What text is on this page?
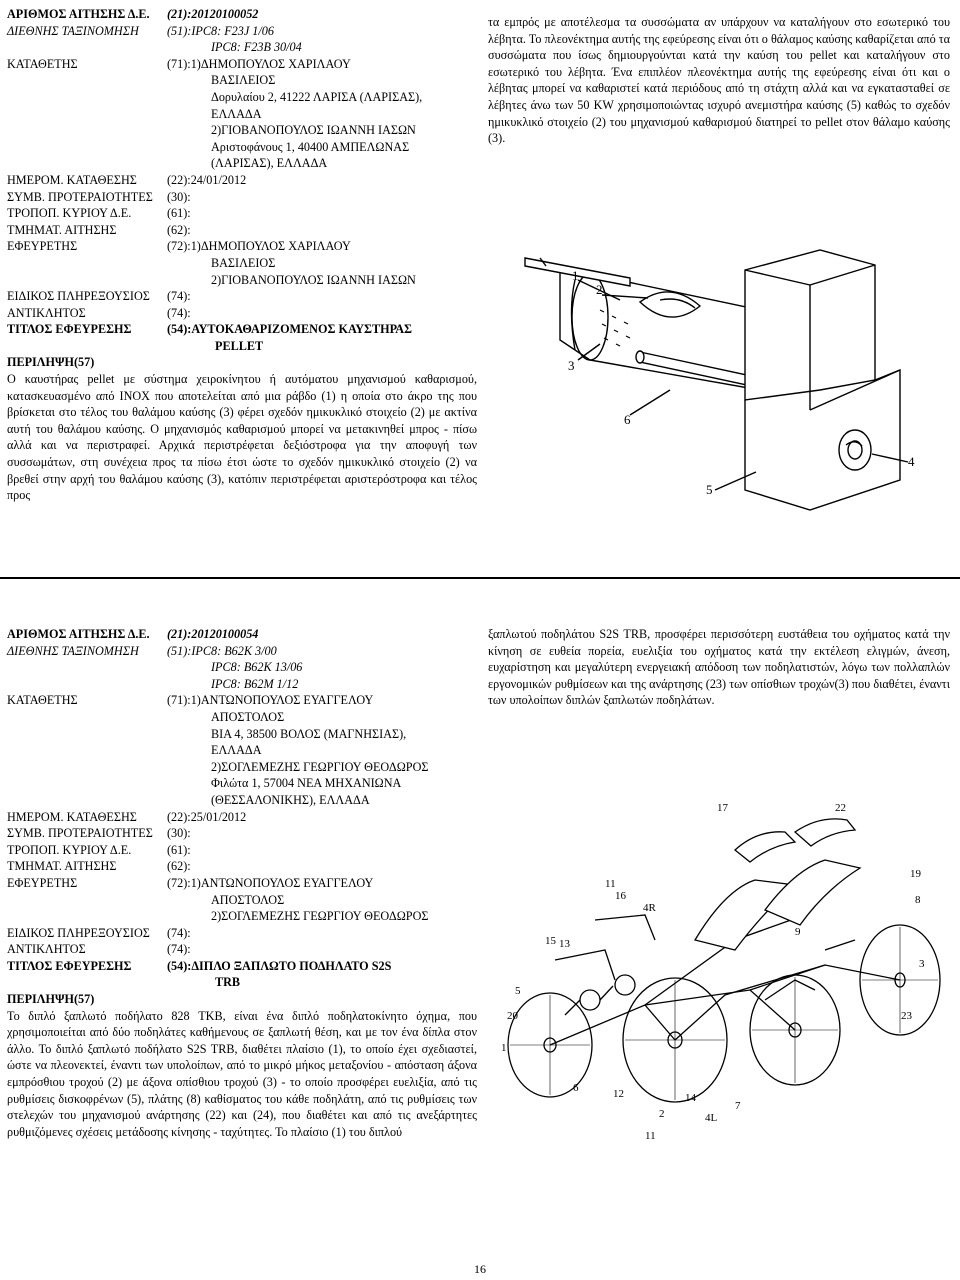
ΑΡΙΘΜΟΣ ΑΙΤΗΣΗΣ Δ.Ε.	(21):20120100052
ΔΙΕΘΝΗΣ ΤΑΞΙΝΟΜΗΣΗ	(51):IPC8: F23J 1/06
IPC8: F23B 30/04
ΚΑΤΑΘΕΤΗΣ	(71):1)ΔΗΜΟΠΟΥΛΟΣ ΧΑΡΙΛΑΟΥ
ΒΑΣΙΛΕΙΟΣ
Δορυλαίου 2, 41222 ΛΑΡΙΣΑ (ΛΑΡΙΣΑΣ),
ΕΛΛΑΔΑ
2)ΓΙΟΒΑΝΟΠΟΥΛΟΣ ΙΩΑΝΝΗ ΙΑΣΩΝ
Αριστοφάνους 1, 40400 ΑΜΠΕΛΩΝΑΣ
(ΛΑΡΙΣΑΣ), ΕΛΛΑΔΑ
ΗΜΕΡΟΜ. ΚΑΤΑΘΕΣΗΣ	(22):24/01/2012
ΣΥΜΒ. ΠΡΟΤΕΡΑΙΟΤΗΤΕΣ	(30):
ΤΡΟΠΟΠ. ΚΥΡΙΟΥ Δ.Ε.	(61):
ΤΜΗΜΑΤ. ΑΙΤΗΣΗΣ	(62):
ΕΦΕΥΡΕΤΗΣ	(72):1)ΔΗΜΟΠΟΥΛΟΣ ΧΑΡΙΛΑΟΥ
ΒΑΣΙΛΕΙΟΣ
2)ΓΙΟΒΑΝΟΠΟΥΛΟΣ ΙΩΑΝΝΗ ΙΑΣΩΝ
ΕΙΔΙΚΟΣ ΠΛΗΡΕΞΟΥΣΙΟΣ	(74):
ΑΝΤΙΚΛΗΤΟΣ	(74):
ΤΙΤΛΟΣ ΕΦΕΥΡΕΣΗΣ	(54):ΑΥΤΟΚΑΘΑΡΙΖΟΜΕΝΟΣ ΚΑΥΣΤΗΡΑΣ
PELLET
ΠΕΡΙΛΗΨΗ(57)

Ο καυστήρας pellet με σύστημα χειροκίνητου ή αυτόματου μηχανισμού καθαρισμού, κατασκευασμένο από INOX που αποτελείται από μια ράβδο (1) η οποία στο άκρο της που βρίσκεται στο τέλος του θαλάμου καύσης (3) φέρει σχεδόν ημικυκλικό στοιχείο (2) με ακτίνα αυτή του θαλάμου καύσης. Ο μηχανισμός καθαρισμού μπορεί να μετακινηθεί μπρος - πίσω αλλά και να περιστραφεί. Αρχικά περιστρέφεται δεξιόστροφα για την αποφυγή των συσσωμάτων, στη συνέχεια προς τα πίσω έτσι ώστε το σχεδόν ημικυκλικό στοιχείο (2) να βρεθεί στην αρχή του θαλάμου καύσης (3), κατόπιν περιστρέφεται αριστερόστροφα και τέλος προς

τα εμπρός με αποτέλεσμα τα συσσώματα αν υπάρχουν να καταλήγουν στο εσωτερικό του λέβητα. Το πλεονέκτημα αυτής της εφεύρεσης είναι ότι ο θάλαμος καύσης καθαρίζεται από τα συσσώματα που ίσως δημιουργούνται κατά την καύση του pellet και καταλήγουν στο εσωτερικό του λέβητα. Ένα επιπλέον πλεονέκτημα αυτής της εφεύρεσης είναι ότι και ο λέβητας μπορεί να καθαριστεί κατά περιόδους από τη στάχτη αλλά και να εγκατασταθεί σε λέβητες άνω των 50 KW χρησιμοποιώντας ισχυρό ανεμιστήρα καύσης (5) καθώς το σχεδόν ημικυκλικό στοιχείο (2) του μηχανισμού καθαρισμού διατηρεί το pellet στον θάλαμο καύσης (3).

1
2
3
4
5
6
ΑΡΙΘΜΟΣ ΑΙΤΗΣΗΣ Δ.Ε.	(21):20120100054
ΔΙΕΘΝΗΣ ΤΑΞΙΝΟΜΗΣΗ	(51):IPC8: B62K 3/00
IPC8: B62K 13/06
IPC8: B62M 1/12
ΚΑΤΑΘΕΤΗΣ	(71):1)ΑΝΤΩΝΟΠΟΥΛΟΣ ΕΥΑΓΓΕΛΟΥ
ΑΠΟΣΤΟΛΟΣ
ΒΙΑ 4, 38500 ΒΟΛΟΣ (ΜΑΓΝΗΣΙΑΣ),
ΕΛΛΑΔΑ
2)ΣΟΓΛΕΜΕΖΗΣ ΓΕΩΡΓΙΟΥ ΘΕΟΔΩΡΟΣ
Φιλώτα 1, 57004 ΝΕΑ ΜΗΧΑΝΙΩΝΑ
(ΘΕΣΣΑΛΟΝΙΚΗΣ), ΕΛΛΑΔΑ
ΗΜΕΡΟΜ. ΚΑΤΑΘΕΣΗΣ	(22):25/01/2012
ΣΥΜΒ. ΠΡΟΤΕΡΑΙΟΤΗΤΕΣ	(30):
ΤΡΟΠΟΠ. ΚΥΡΙΟΥ Δ.Ε.	(61):
ΤΜΗΜΑΤ. ΑΙΤΗΣΗΣ	(62):
ΕΦΕΥΡΕΤΗΣ	(72):1)ΑΝΤΩΝΟΠΟΥΛΟΣ ΕΥΑΓΓΕΛΟΥ
ΑΠΟΣΤΟΛΟΣ
2)ΣΟΓΛΕΜΕΖΗΣ ΓΕΩΡΓΙΟΥ ΘΕΟΔΩΡΟΣ
ΕΙΔΙΚΟΣ ΠΛΗΡΕΞΟΥΣΙΟΣ	(74):
ΑΝΤΙΚΛΗΤΟΣ	(74):
ΤΙΤΛΟΣ ΕΦΕΥΡΕΣΗΣ	(54):ΔΙΠΛΟ ΞΑΠΛΩΤΟ ΠΟΔΗΛΑΤΟ S2S
TRB
ΠΕΡΙΛΗΨΗ(57)

Το διπλό ξαπλωτό ποδήλατο 828 TKB, είναι ένα διπλό ποδηλατοκίνητο όχημα, που χρησιμοποιείται από δύο ποδηλάτες καθήμενους σε ξαπλωτή θέση, και με τον ένα δίπλα στον άλλο. Το διπλό ξαπλωτό ποδήλατο S2S TRB, διαθέτει πλαίσιο (1), το οποίο έχει σχεδιαστεί, ώστε να πλεονεκτεί, έναντι των υπολοίπων, από το μικρό μήκος μεταξονίου - απόσταση άξονα εμπρόσθιου τροχού (2) με άξονα οπίσθιου τροχού (3) - το οποίο προσφέρει ευελιξία, από τις ρυθμίσεις δισκοφρένων (5), πλάτης (8) καθίσματος του κάθε ποδηλάτη, από τις ρυθμίσεις των στελεχών του μηχανισμού ανάρτησης (22) και (24), που διαθέτει και από τις ανεξάρτητες ρυθμιζόμενες σχέσεις μετάδοσης κίνησης - ταχύτητες. Το πλαίσιο (1) του διπλού

ξαπλωτού ποδηλάτου S2S TRB, προσφέρει περισσότερη ευστάθεια του οχήματος κατά την κίνηση σε ευθεία πορεία, ευελιξία του οχήματος κατά την εκτέλεση ελιγμών, άνεση, ευχαρίστηση και μεγαλύτερη ενεργειακή απόδοση των ποδηλατιστών, λόγω των πολλαπλών εργονομικών ρυθμίσεων και της ανάρτησης (23) των οπίσθιων τροχών(3) που διαθέτει, έναντι των υπολοίπων διπλών ξαπλωτών ποδηλάτων.

17	22
11
16
4R
19
8
9
3
15 13
23
5
20
1
6	12	14
2
11
4L
7
16
